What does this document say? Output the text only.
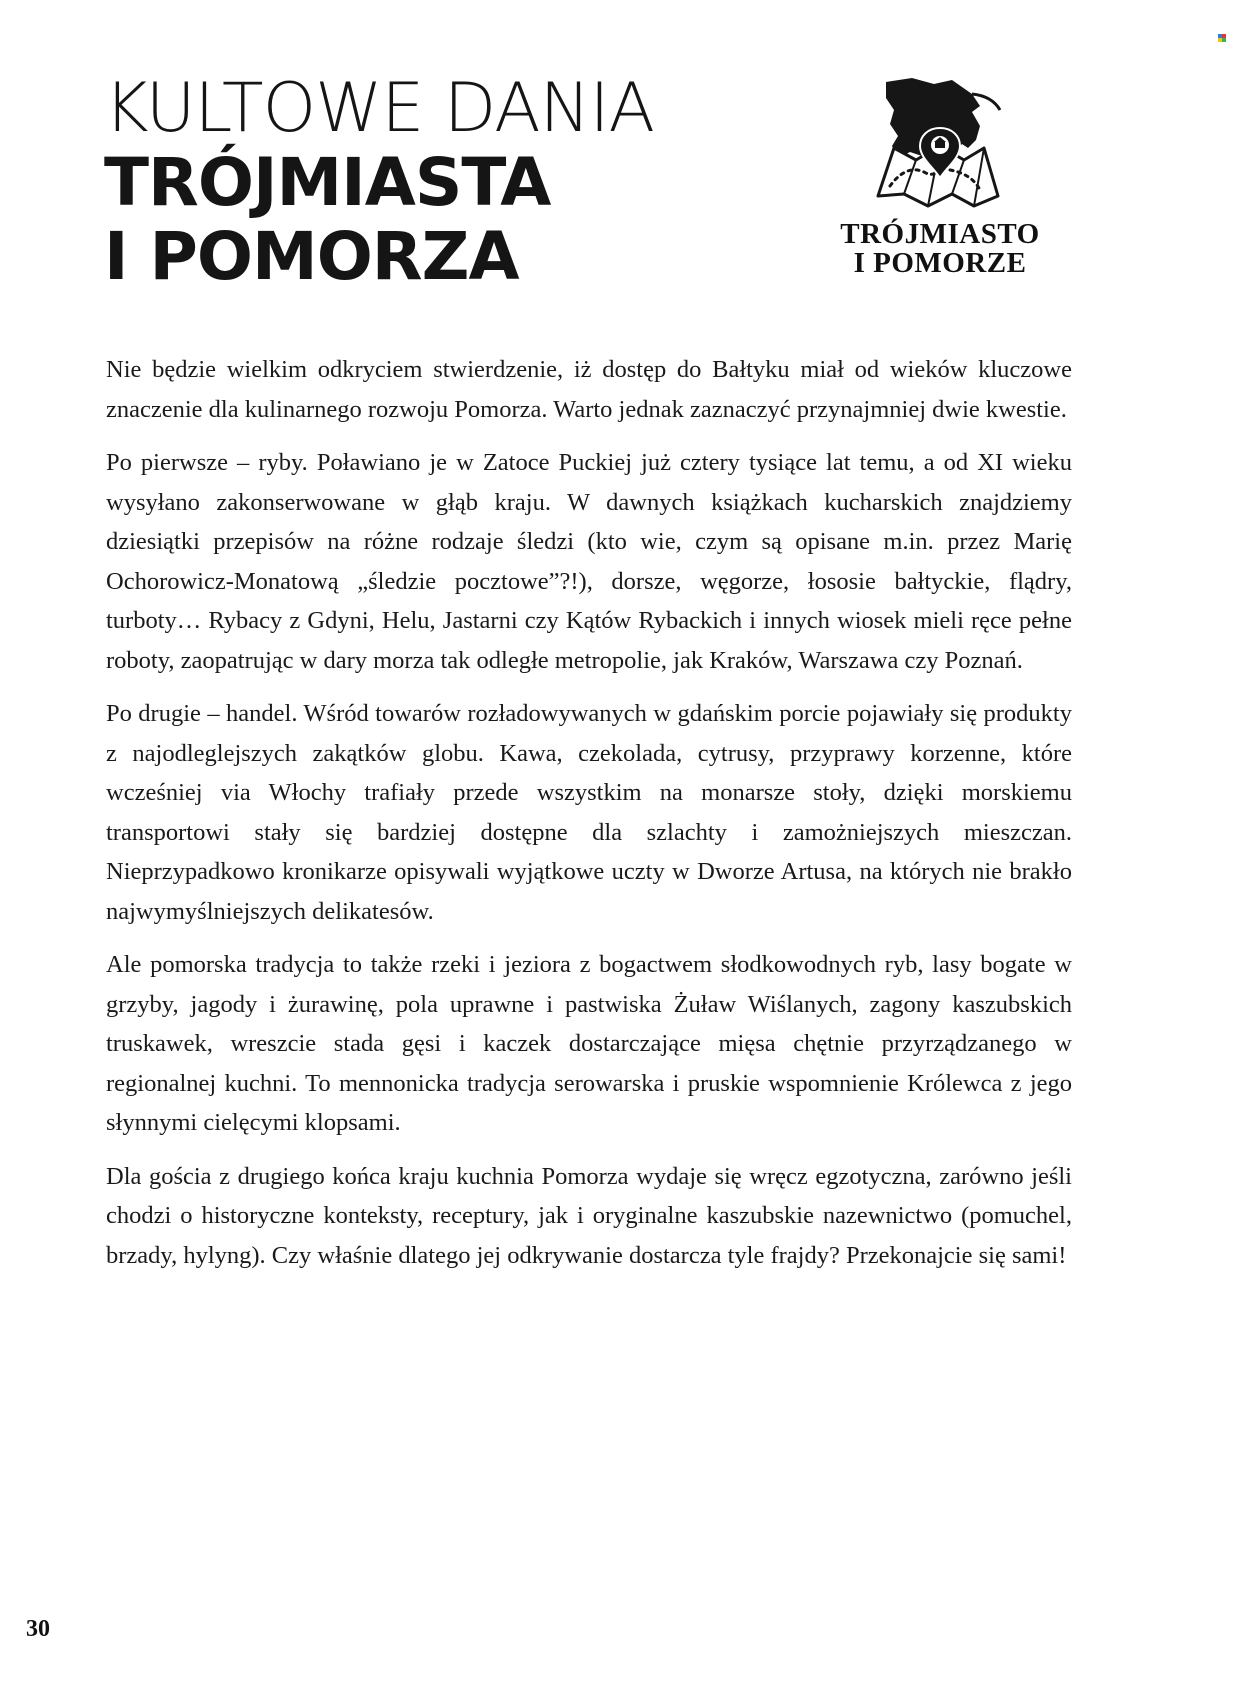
KULTOWE DANIA
TRÓJMIASTA
I POMORZA	TRÓJMIASTO
I POMORZE

Nie będzie wielkim odkryciem stwierdzenie, iż dostęp do Bałtyku miał od wieków kluczowe znaczenie dla kulinarnego rozwoju Pomorza. Warto jednak zaznaczyć przynajmniej dwie kwestie.

Po pierwsze – ryby. Poławiano je w Zatoce Puckiej już cztery tysiące lat temu, a od XI wieku wysyłano zakonserwowane w głąb kraju. W dawnych książkach kucharskich znajdziemy dziesiątki przepisów na różne rodzaje śledzi (kto wie, czym są opisane m.in. przez Marię Ochorowicz-Monatową „śledzie pocztowe”?!), dorsze, węgorze, łososie bałtyckie, flądry, turboty… Rybacy z Gdyni, Helu, Jastarni czy Kątów Rybackich i innych wiosek mieli ręce pełne roboty, zaopatrując w dary morza tak odległe metropolie, jak Kraków, Warszawa czy Poznań.

Po drugie – handel. Wśród towarów rozładowywanych w gdańskim porcie pojawiały się produkty z najodleglejszych zakątków globu. Kawa, czekolada, cytrusy, przyprawy korzenne, które wcześniej via Włochy trafiały przede wszystkim na monarsze stoły, dzięki morskiemu transportowi stały się bardziej dostępne dla szlachty i zamożniejszych mieszczan. Nieprzypadkowo kronikarze opisywali wyjątkowe uczty w Dworze Artusa, na których nie brakło najwymyślniejszych delikatesów.

Ale pomorska tradycja to także rzeki i jeziora z bogactwem słodkowodnych ryb, lasy bogate w grzyby, jagody i żurawinę, pola uprawne i pastwiska Żuław Wiślanych, zagony kaszubskich truskawek, wreszcie stada gęsi i kaczek dostarczające mięsa chętnie przyrządzanego w regionalnej kuchni. To mennonicka tradycja serowarska i pruskie wspomnienie Królewca z jego słynnymi cielęcymi klopsami.

Dla gościa z drugiego końca kraju kuchnia Pomorza wydaje się wręcz egzotyczna, zarówno jeśli chodzi o historyczne konteksty, receptury, jak i oryginalne kaszubskie nazewnictwo (pomuchel, brzady, hylyng). Czy właśnie dlatego jej odkrywanie dostarcza tyle frajdy? Przekonajcie się sami!

30
